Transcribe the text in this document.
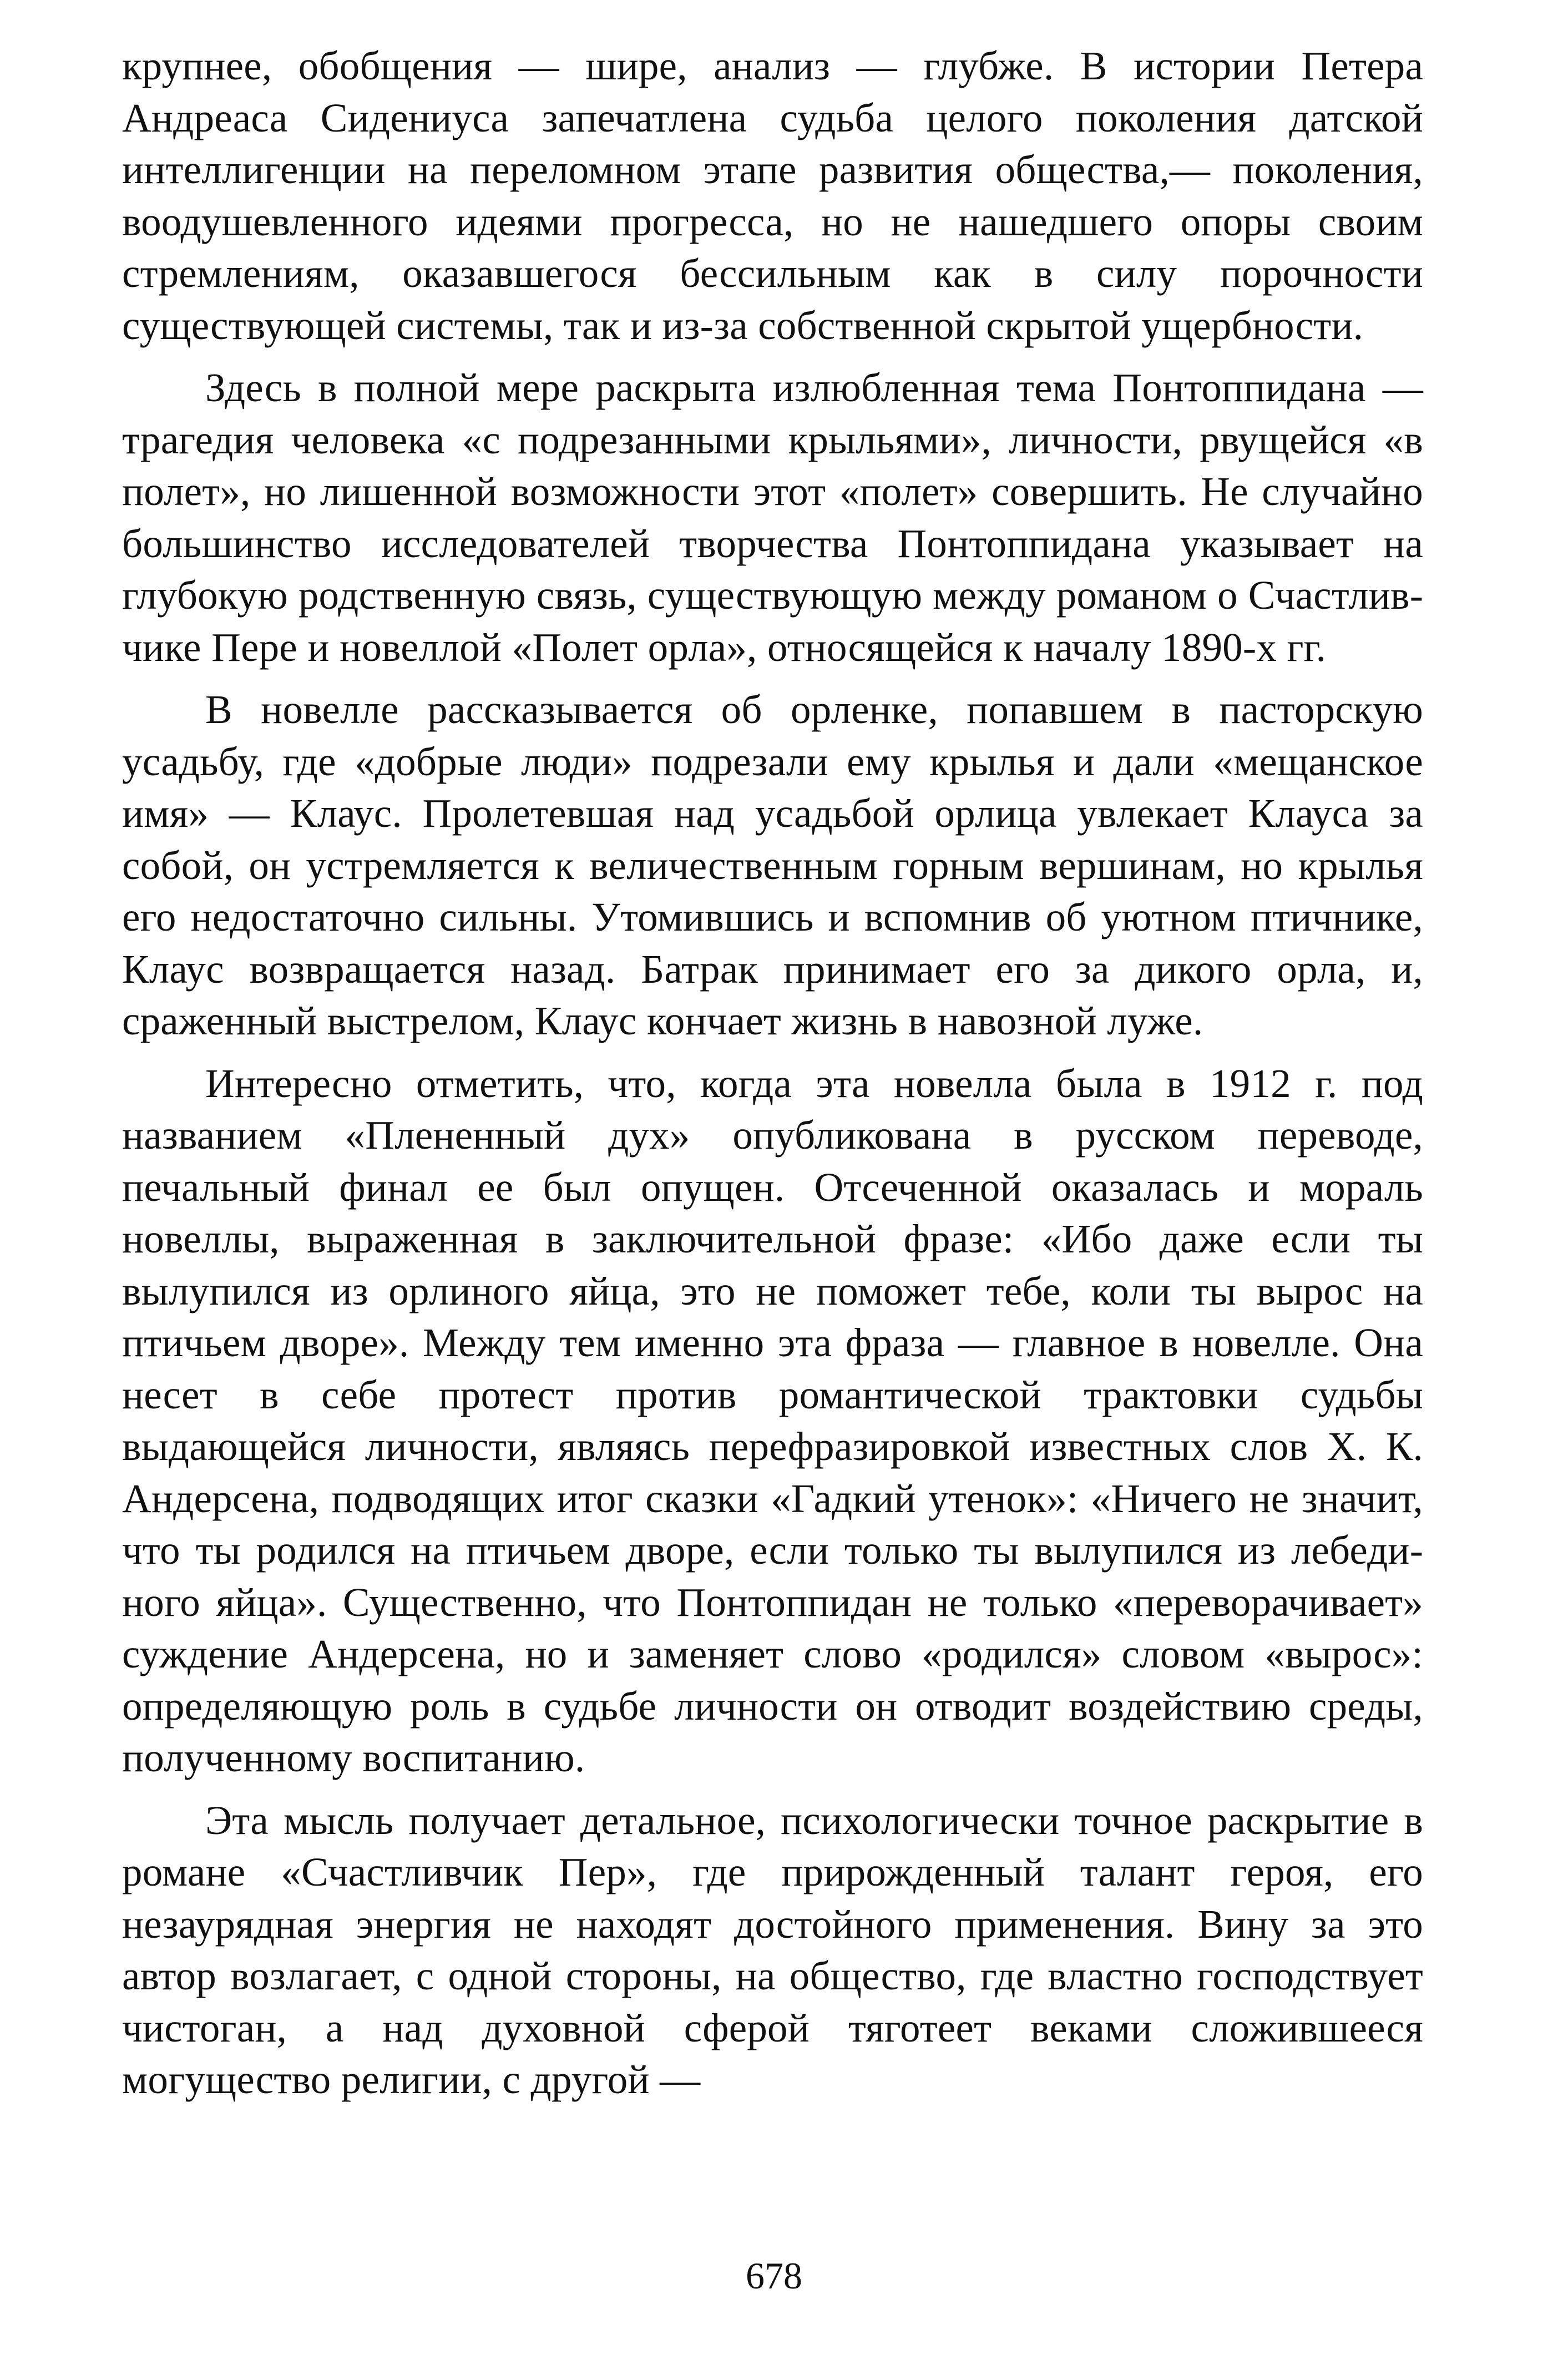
крупнее, обобщения — шире, анализ — глубже. В истории Петера Андреаса Сидениуса запечатлена судьба целого поколения датской интеллигенции на переломном этапе развития общества,— поколения, воодушевленного идеями прогресса, но не нашедшего опоры своим стремлениям, оказавшегося бессильным как в силу порочности существующей системы, так и из-за собственной скрытой ущербности.

Здесь в полной мере раскрыта излюбленная тема Понтоппидана — трагедия человека «с подрезанными крыльями», личности, рвущейся «в полет», но лишенной возможности этот «полет» совершить. Не случайно большинство исследователей творчества Понтоппидана указывает на глубокую родственную связь, существующую между романом о Счастливчике Пере и новеллой «Полет орла», относящейся к началу 1890-х гг.

В новелле рассказывается об орленке, попавшем в пасторскую усадьбу, где «добрые люди» подрезали ему крылья и дали «мещанское имя» — Клаус. Пролетевшая над усадьбой орлица увлекает Клауса за собой, он устремляется к величественным горным вершинам, но крылья его недостаточно сильны. Утомившись и вспомнив об уютном птичнике, Клаус возвращается назад. Батрак принимает его за дикого орла, и, сраженный выстрелом, Клаус кончает жизнь в навозной луже.

Интересно отметить, что, когда эта новелла была в 1912 г. под названием «Плененный дух» опубликована в русском переводе, печальный финал ее был опущен. Отсеченной оказалась и мораль новеллы, выраженная в заключительной фразе: «Ибо даже если ты вылупился из орлиного яйца, это не поможет тебе, коли ты вырос на птичьем дворе». Между тем именно эта фраза — главное в новелле. Она несет в себе протест против романтической трактовки судьбы выдающейся личности, являясь перефразировкой известных слов Х. К. Андерсена, подводящих итог сказки «Гадкий утенок»: «Ничего не значит, что ты родился на птичьем дворе, если только ты вылупился из лебединого яйца». Существенно, что Понтоппидан не только «переворачивает» суждение Андерсена, но и заменяет слово «родился» словом «вырос»: определяющую роль в судьбе личности он отводит воздействию среды, полученному воспитанию.

Эта мысль получает детальное, психологически точное раскрытие в романе «Счастливчик Пер», где прирожденный талант героя, его незаурядная энергия не находят достойного применения. Вину за это автор возлагает, с одной стороны, на общество, где властно господствует чистоган, а над духовной сферой тяготеет веками сложившееся могущество религии, с другой —

678
